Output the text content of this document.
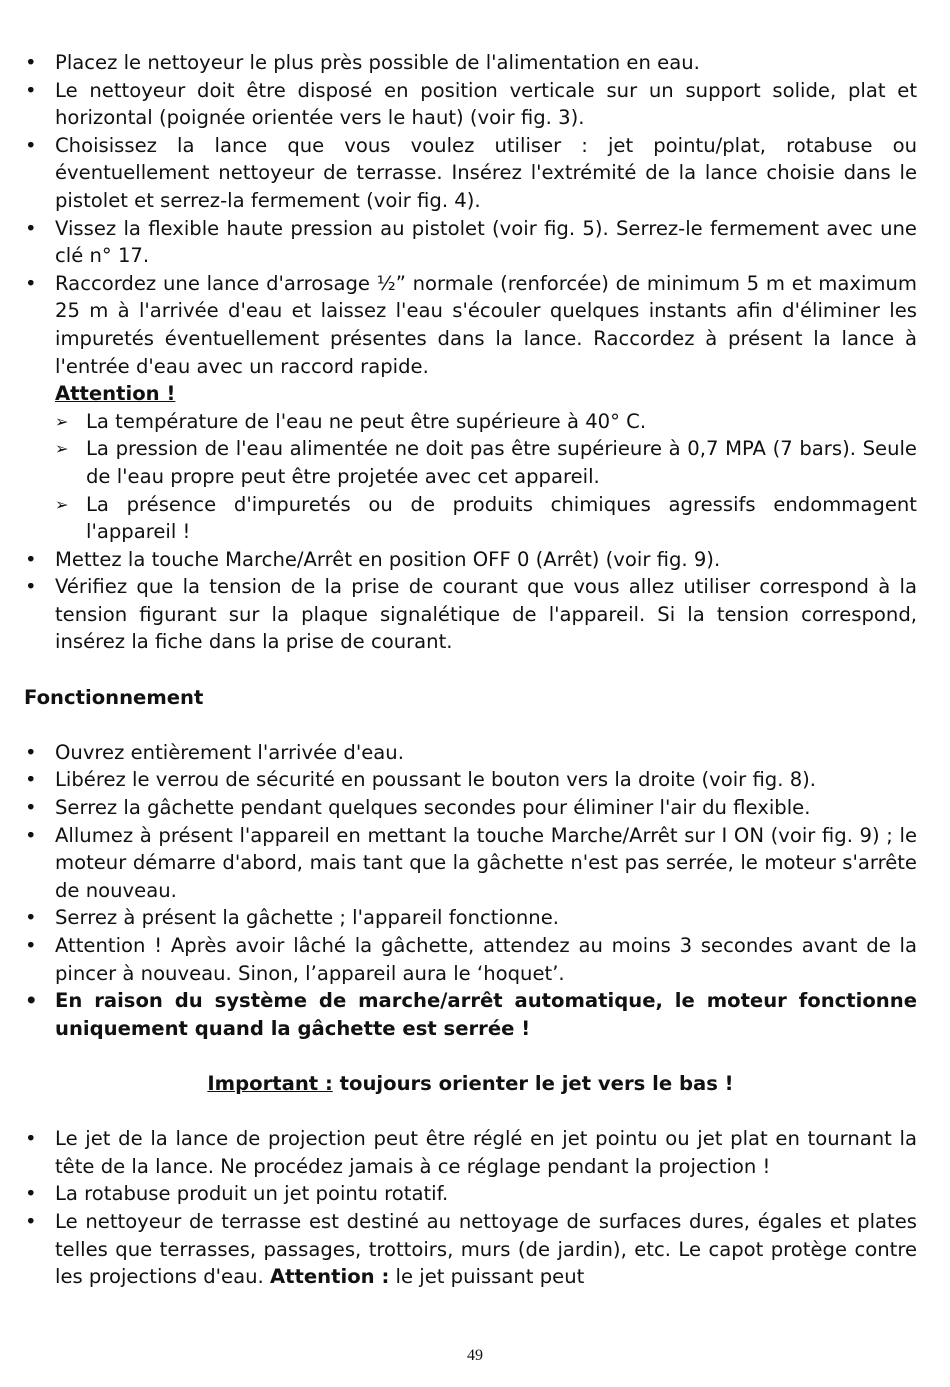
• Placez le nettoyeur le plus près possible de l'alimentation en eau.
• Le nettoyeur doit être disposé en position verticale sur un support solide, plat et horizontal (poignée orientée vers le haut) (voir fig. 3).
• Choisissez la lance que vous voulez utiliser : jet pointu/plat, rotabuse ou éventuellement nettoyeur de terrasse. Insérez l'extrémité de la lance choisie dans le pistolet et serrez-la fermement (voir fig. 4).
• Vissez la flexible haute pression au pistolet (voir fig. 5). Serrez-le fermement avec une clé n° 17.
• Raccordez une lance d'arrosage ½” normale (renforcée) de minimum 5 m et maximum 25 m à l'arrivée d'eau et laissez l'eau s'écouler quelques instants afin d'éliminer les impuretés éventuellement présentes dans la lance. Raccordez à présent la lance à l'entrée d'eau avec un raccord rapide.
Attention !
➢ La température de l'eau ne peut être supérieure à 40° C.
➢ La pression de l'eau alimentée ne doit pas être supérieure à 0,7 MPA (7 bars). Seule de l'eau propre peut être projetée avec cet appareil.
➢ La présence d'impuretés ou de produits chimiques agressifs endommagent l'appareil !
• Mettez la touche Marche/Arrêt en position OFF 0 (Arrêt) (voir fig. 9).
• Vérifiez que la tension de la prise de courant que vous allez utiliser correspond à la tension figurant sur la plaque signalétique de l'appareil. Si la tension correspond, insérez la fiche dans la prise de courant.
Fonctionnement
• Ouvrez entièrement l'arrivée d'eau.
• Libérez le verrou de sécurité en poussant le bouton vers la droite (voir fig. 8).
• Serrez la gâchette pendant quelques secondes pour éliminer l'air du flexible.
• Allumez à présent l'appareil en mettant la touche Marche/Arrêt sur I ON (voir fig. 9) ; le moteur démarre d'abord, mais tant que la gâchette n'est pas serrée, le moteur s'arrête de nouveau.
• Serrez à présent la gâchette ; l'appareil fonctionne.
• Attention ! Après avoir lâché la gâchette, attendez au moins 3 secondes avant de la pincer à nouveau. Sinon, l’appareil aura le ‘hoquet’.
• En raison du système de marche/arrêt automatique, le moteur fonctionne uniquement quand la gâchette est serrée !
Important : toujours orienter le jet vers le bas !
• Le jet de la lance de projection peut être réglé en jet pointu ou jet plat en tournant la tête de la lance. Ne procédez jamais à ce réglage pendant la projection !
• La rotabuse produit un jet pointu rotatif.
• Le nettoyeur de terrasse est destiné au nettoyage de surfaces dures, égales et plates telles que terrasses, passages, trottoirs, murs (de jardin), etc. Le capot protège contre les projections d'eau. Attention : le jet puissant peut
49
